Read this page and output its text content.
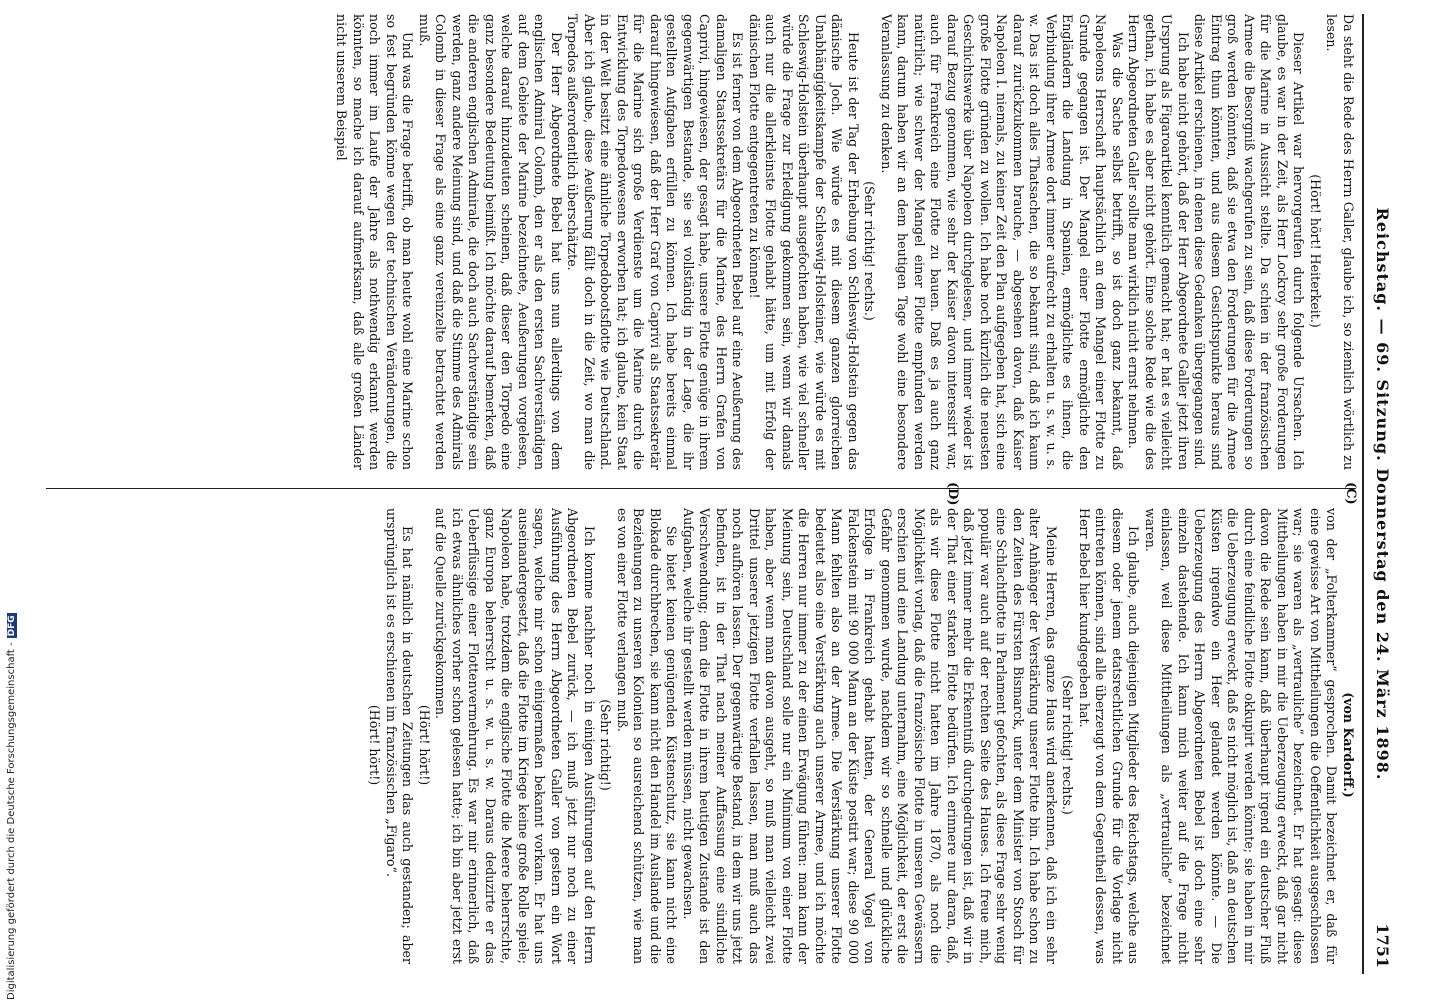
Reichstag. — 69. Sitzung. Donnerstag den 24. März 1898.
1751

Da steht die Rede des Herrn Galler, glaube ich, so ziemlich wörtlich zu lesen.

(Hört! hört! Heiterkeit.)

Dieser Artikel war hervorgerufen durch folgende Ursachen. Ich glaube, es war in der Zeit, als Herr Lockroy sehr große Forderungen für die Marine in Aussicht stellte. Da schien in der französischen Armee die Besorgniß wachgerufen zu sein, daß diese Forderungen so groß werden könnten, daß sie etwa den Forderungen für die Armee Eintrag thun könnten, und aus diesem Gesichtspunkte heraus sind diese Artikel erschienen, in denen diese Gedanken übergegangen sind.

Ich habe nicht gehört, daß der Herr Abgeordnete Galler jetzt ihren Ursprung als Figaroartikel kenntlich gemacht hat; er hat es vielleicht gethan, ich habe es aber nicht gehört. Eine solche Rede wie die des Herrn Abgeordneten Galler sollte man wirklich nicht ernst nehmen.

Was die Sache selbst betrifft, so ist doch ganz bekannt, daß Napoleons Herrschaft hauptsächlich an dem Mangel einer Flotte zu Grunde gegangen ist. Der Mangel einer Flotte ermöglichte den Engländern die Landung in Spanien, ermöglichte es ihnen, die Verbindung ihrer Armee dort immer aufrecht zu erhalten u. s. w. u. s. w. Das ist doch alles Thatsachen, die so bekannt sind, daß ich kaum darauf zurückzukommen brauche, — abgesehen davon, daß Kaiser Napoleon I. niemals, zu keiner Zeit den Plan aufgegeben hat, sich eine große Flotte gründen zu wollen. Ich habe noch kürzlich die neuesten Geschichtswerke über Napoleon durchgelesen, und immer wieder ist darauf Bezug genommen, wie sehr der Kaiser davon interessirt war, auch für Frankreich eine Flotte zu bauen. Daß es ja auch ganz natürlich; wie schwer der Mangel einer Flotte empfunden werden kann, darum haben wir an dem heutigen Tage wohl eine besondere Veranlassung zu denken.

(Sehr richtig! rechts.)

Heute ist der Tag der Erhebung von Schleswig-Holstein gegen das dänische Joch. Wie würde es mit diesem ganzen glorreichen Unabhängigkeitskampfe der Schleswig-Holsteiner, wie würde es mit Schleswig-Holstein überhaupt ausgefochten haben, wie viel schneller würde die Frage zur Erledigung gekommen sein, wenn wir damals auch nur die allerkleinste Flotte gehabt hätte, um mit Erfolg der dänischen Flotte entgegentreten zu können!

Es ist ferner von dem Abgeordneten Bebel auf eine Aeußerung des damaligen Staatssekretärs für die Marine, des Herrn Grafen von Caprivi, hingewiesen, der gesagt habe, unsere Flotte genüge in ihrem gegenwärtigen Bestande, sie sei vollständig in der Lage, die ihr gestellten Aufgaben erfüllen zu können. Ich habe bereits einmal darauf hingewiesen, daß der Herr Graf von Caprivi als Staatssekretär für die Marine sich große Verdienste um die Marine durch die Entwicklung des Torpedowesens erworben hat; ich glaube, kein Staat in der Welt besitzt eine ähnliche Torpedobootsflotte wie Deutschland. Aber ich glaube, diese Aeußerung fällt doch in die Zeit, wo man die Torpedos außerordentlich überschätzte.

Der Herr Abgeordnete Bebel hat uns nun allerdings von dem englischen Admiral Colomb, den er als den ersten Sachverständigen auf dem Gebiete der Marine bezeichnete, Aeußerungen vorgelesen, welche darauf hinzudeuten scheinen, daß dieser den Torpedo eine ganz besondere Bedeutung beimißt. Ich möchte darauf bemerken, daß die anderen englischen Admirale, die doch auch Sachverständige sein werden, ganz andere Meinung sind, und daß die Stimme des Admirals Colomb in dieser Frage als eine ganz vereinzelte betrachtet werden muß.

Und was die Frage betrifft, ob man heute wohl eine Marine schon so fest begründen könne wegen der technischen Veränderungen, die noch immer im Laufe der Jahre als nothwendig erkannt werden könnten, so mache ich darauf aufmerksam, daß alle großen Länder nicht unserem Beispiel

(von Kardorff.)

von der „Folterkammer“ gesprochen. Damit bezeichnet er, daß für eine gewisse Art von Mittheilungen die Oeffentlichkeit ausgeschlossen war; sie waren als „vertrauliche“ bezeichnet. Er hat gesagt: diese Mittheilungen haben in mir die Ueberzeugung erweckt, daß gar nicht davon die Rede sein kann, daß überhaupt irgend ein deutscher Fluß durch eine feindliche Flotte okkupirt werden könnte; sie haben in mir die Ueberzeugung erweckt, daß es nicht möglich ist, daß an deutschen Küsten irgendwo ein Heer gelandet werden könnte. — Die Ueberzeugung des Herrn Abgeordneten Bebel ist doch eine sehr einzeln dastehende. Ich kann mich weiter auf die Frage nicht einlassen, weil diese Mittheilungen als „vertrauliche“ bezeichnet waren.

Ich glaube, auch diejenigen Mitglieder des Reichstags, welche aus diesem oder jenem etatsrechtlichen Grunde für die Vorlage nicht eintreten können, sind alle überzeugt von dem Gegentheil dessen, was Herr Bebel hier kundgegeben hat.

(Sehr richtig! rechts.)

Meine Herren, das ganze Haus wird anerkennen, daß ich ein sehr alter Anhänger der Verstärkung unserer Flotte bin. Ich habe schon zu den Zeiten des Fürsten Bismarck, unter dem Minister von Stosch für eine Schlachtflotte in Parlament gefochten, als diese Frage sehr wenig populär war auch auf der rechten Seite des Hauses. Ich freue mich, daß jetzt immer mehr die Erkenntniß durchgedrungen ist, daß wir in der That einer starken Flotte bedürfen. Ich erinnere nur daran, daß, als wir diese Flotte nicht hatten im Jahre 1870, als noch die Möglichkeit vorlag, daß die französische Flotte in unseren Gewässern erschien und eine Landung unternahm, eine Möglichkeit, der erst die Gefahr genommen wurde, nachdem wir so schnelle und glückliche Erfolge in Frankreich gehabt hatten, der General Vogel von Falckenstein mit 90 000 Mann an der Küste postirt war; diese 90 000 Mann fehlten also an der Armee. Die Verstärkung unserer Flotte bedeutet also eine Verstärkung auch unserer Armee, und ich möchte die Herren nur immer zu der einen Erwägung führen: man kann der Meinung sein, Deutschland solle nur ein Minimum von einer Flotte haben, aber wenn man davon ausgeht, so muß man vielleicht zwei Drittel unserer jetzigen Flotte verfallen lassen, man muß auch das noch aufhören lassen. Der gegenwärtige Bestand, in dem wir uns jetzt befinden, ist in der That nach meiner Auffassung eine sündliche Verschwendung; denn die Flotte in ihrem heutigen Zustande ist den Aufgaben, welche ihr gestellt werden müssen, nicht gewachsen.

Sie bietet keinen genügenden Küstenschutz, sie kann nicht eine Blokade durchbrechen, sie kann nicht den Handel im Auslande und die Beziehungen zu unseren Kolonien so ausreichend schützen, wie man es von einer Flotte verlangen muß.

(Sehr richtig!)

Ich komme nachher noch in einigen Ausführungen auf den Herrn Abgeordneten Bebel zurück, — ich muß jetzt nur noch zu einer Ausführung des Herrn Abgeordneten Galler von gestern ein Wort sagen, welche mir schon einigermaßen bekannt vorkam. Er hat uns auseinandergesetzt, daß die Flotte im Kriege keine große Rolle spiele; Napoleon habe, trotzdem die englische Flotte die Meere beherrschte, ganz Europa beherrscht u. s. w. u. s. w. Daraus deduzirte er das Ueberflüssige einer Flottenvermehrung. Es war mir erinnerlich, daß ich etwas ähnliches vorher schon gelesen hatte; ich bin aber jetzt erst auf die Quelle zurückgekommen.

(Hört! hört!)

Es hat nämlich in deutschen Zeitungen das auch gestanden; aber ursprünglich ist es erschienen im französischen „Figaro“.

(Hört! hört!)

(C)
(D)
Digitalisierung gefördert durch die Deutsche Forschungsgemeinschaft -DFG
